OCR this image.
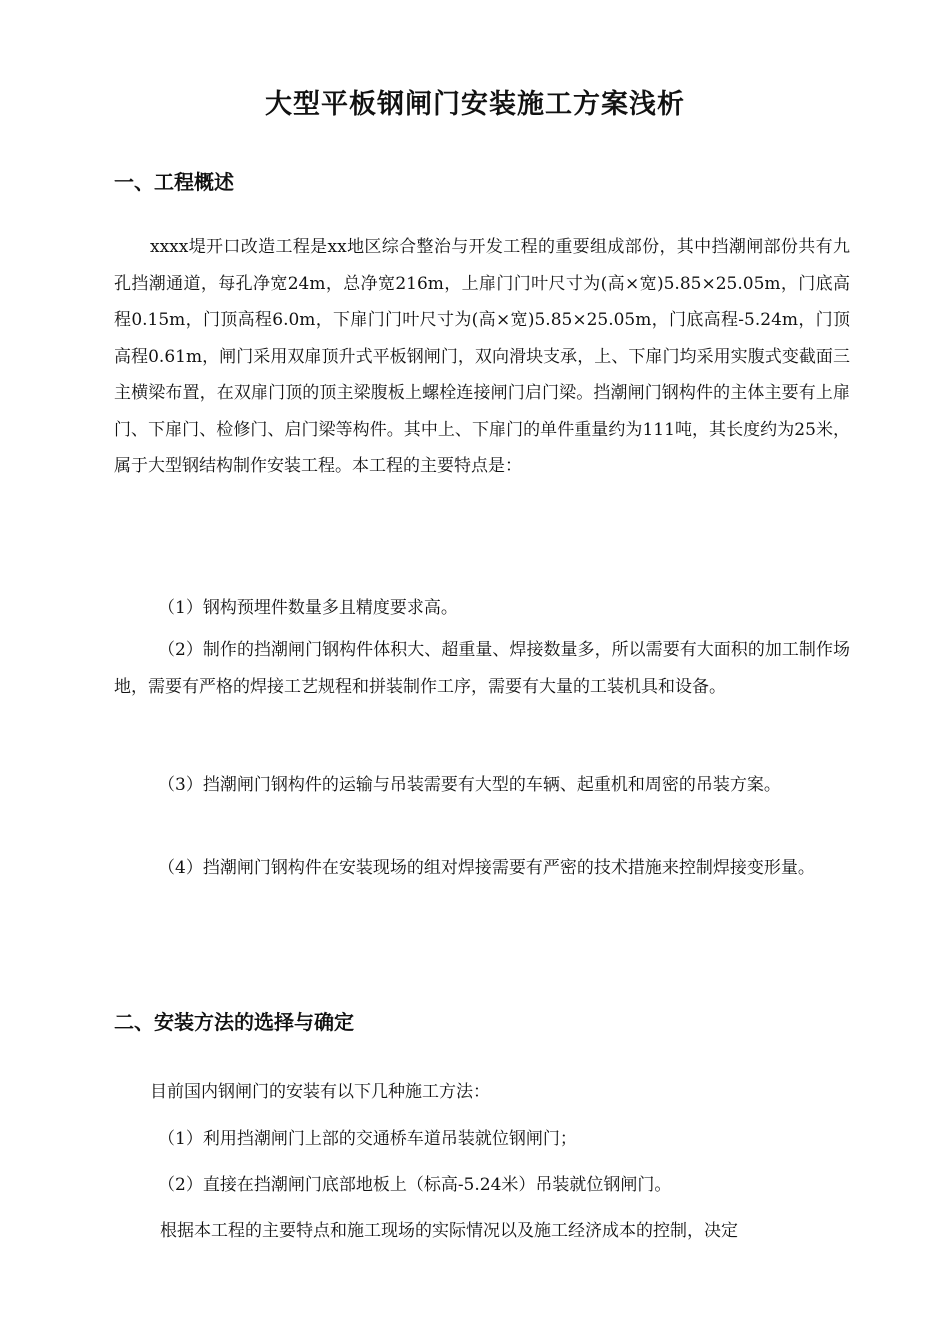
大型平板钢闸门安装施工方案浅析
一、工程概述

xxxx堤开口改造工程是xx地区综合整治与开发工程的重要组成部份，其中挡潮闸部份共有九孔挡潮通道，每孔净宽24m，总净宽216m，上扉门门叶尺寸为(高×宽)5.85×25.05m，门底高程0.15m，门顶高程6.0m，下扉门门叶尺寸为(高×宽)5.85×25.05m，门底高程-5.24m，门顶高程0.61m，闸门采用双扉顶升式平板钢闸门，双向滑块支承，上、下扉门均采用实腹式变截面三主横梁布置，在双扉门顶的顶主梁腹板上螺栓连接闸门启门梁。挡潮闸门钢构件的主体主要有上扉门、下扉门、检修门、启门梁等构件。其中上、下扉门的单件重量约为111吨，其长度约为25米，属于大型钢结构制作安装工程。本工程的主要特点是：

（1）钢构预埋件数量多且精度要求高。

（2）制作的挡潮闸门钢构件体积大、超重量、焊接数量多，所以需要有大面积的加工制作场地，需要有严格的焊接工艺规程和拼装制作工序，需要有大量的工装机具和设备。

（3）挡潮闸门钢构件的运输与吊装需要有大型的车辆、起重机和周密的吊装方案。

（4）挡潮闸门钢构件在安装现场的组对焊接需要有严密的技术措施来控制焊接变形量。

二、安装方法的选择与确定
目前国内钢闸门的安装有以下几种施工方法：
（1）利用挡潮闸门上部的交通桥车道吊装就位钢闸门；
（2）直接在挡潮闸门底部地板上（标高-5.24米）吊装就位钢闸门。
根据本工程的主要特点和施工现场的实际情况以及施工经济成本的控制，决定
